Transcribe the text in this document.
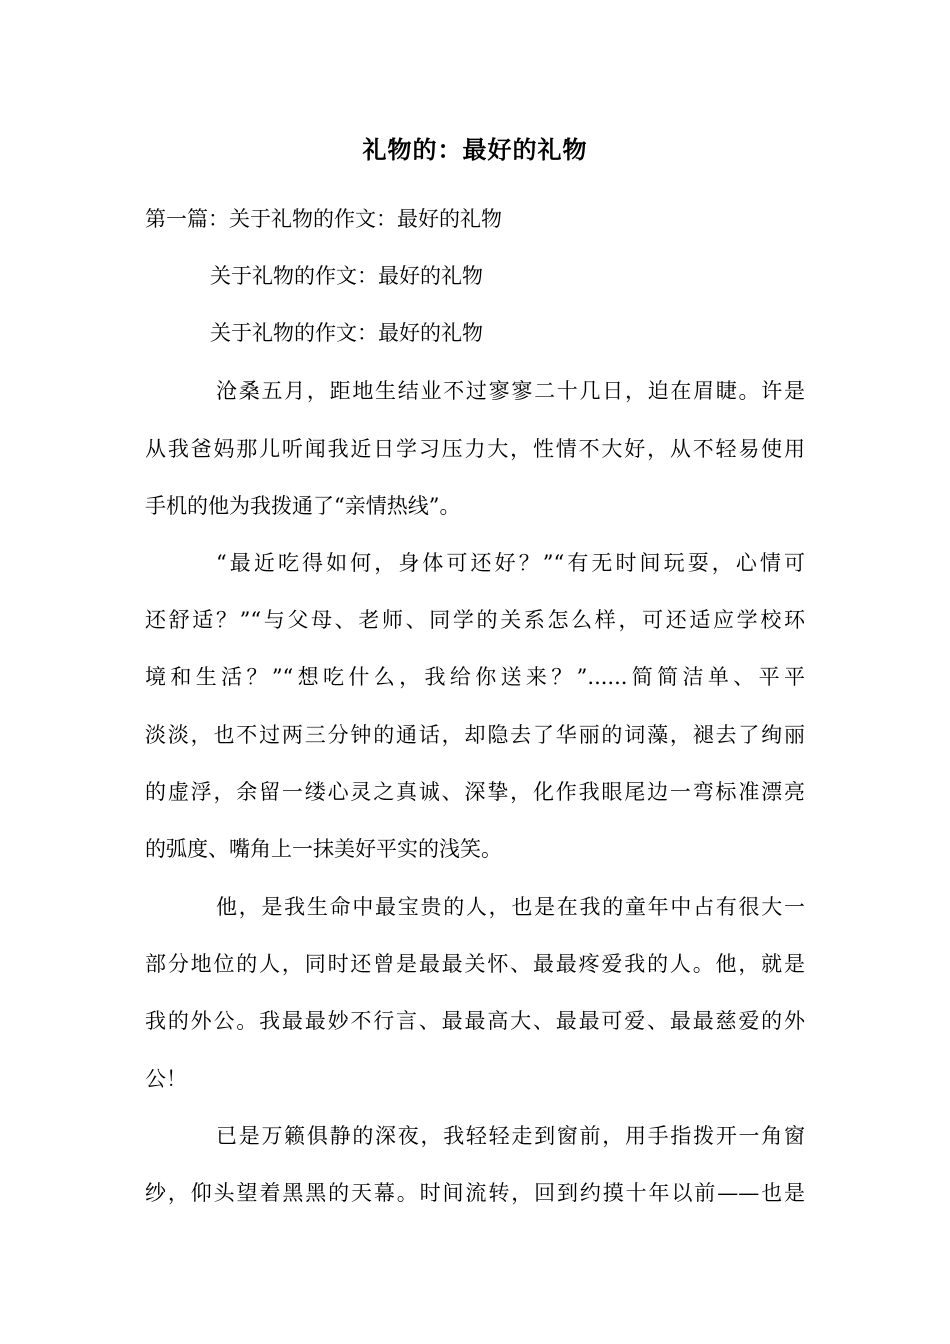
礼物的：最好的礼物
第一篇：关于礼物的作文：最好的礼物
关于礼物的作文：最好的礼物
关于礼物的作文：最好的礼物
沧桑五月，距地生结业不过寥寥二十几日，迫在眉睫。许是
从我爸妈那儿听闻我近日学习压力大，性情不大好，从不轻易使用
手机的他为我拨通了“亲情热线”。
“最近吃得如何，身体可还好？”“有无时间玩耍，心情可
还舒适？”“与父母、老师、同学的关系怎么样，可还适应学校环
境和生活？”“想吃什么，我给你送来？”......简简洁单、平平
淡淡，也不过两三分钟的通话，却隐去了华丽的词藻，褪去了绚丽
的虚浮，余留一缕心灵之真诚、深挚，化作我眼尾边一弯标准漂亮
的弧度、嘴角上一抹美好平实的浅笑。
他，是我生命中最宝贵的人，也是在我的童年中占有很大一
部分地位的人，同时还曾是最最关怀、最最疼爱我的人。他，就是
我的外公。我最最妙不行言、最最高大、最最可爱、最最慈爱的外
公！
已是万籁俱静的深夜，我轻轻走到窗前，用手指拨开一角窗
纱，仰头望着黑黑的天幕。时间流转，回到约摸十年以前——也是
